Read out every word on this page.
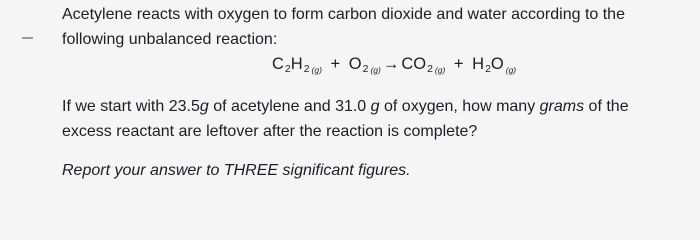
Acetylene reacts with oxygen to form carbon dioxide and water according to the
following unbalanced reaction:

$C_2H_2$ $_{(g)} + O_2$ $_{(g)} \to CO_2$ $_{(g)} + H_2O$ $_{(g)}$

If we start with 23.5g of acetylene and 31.0 g of oxygen, how many grams of the
excess reactant are leftover after the reaction is complete?

Report your answer to THREE significant figures.
